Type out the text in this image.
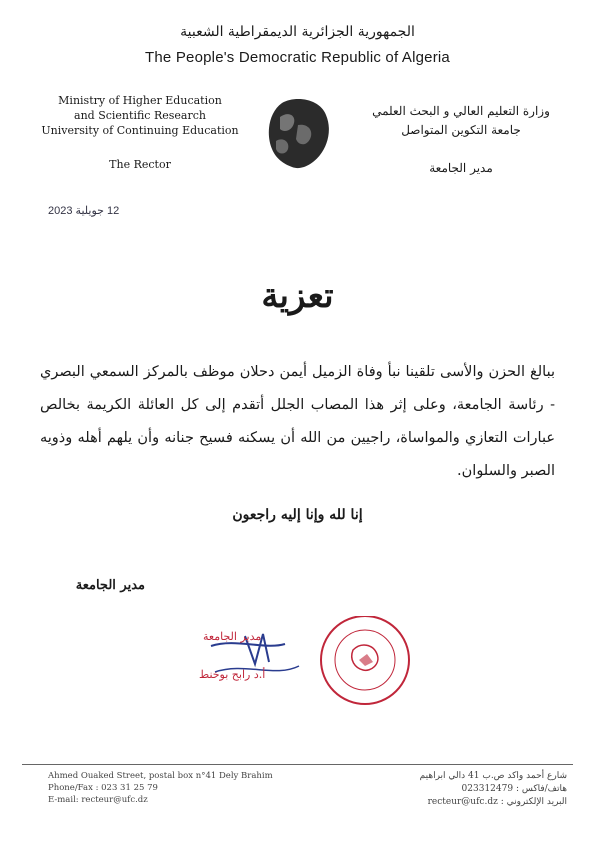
الجمهورية الجزائرية الديمقراطية الشعبية
The People's Democratic Republic of Algeria
Ministry of Higher Education
and Scientific Research
University of Continuing Education
The Rector
وزارة التعليم العالي و البحث العلمي
جامعة التكوين المتواصل
مدير الجامعة
12 جويلية 2023
تعزية
ببالغ الحزن والأسى تلقينا نبأ وفاة الزميل أيمن دحلان موظف بالمركز السمعي البصري - رئاسة الجامعة، وعلى إثر هذا المصاب الجلل أتقدم إلى كل العائلة الكريمة بخالص عبارات التعازي والمواساة، راجيين من الله أن يسكنه فسيح جنانه وأن يلهم أهله وذويه الصبر والسلوان.
إنا لله وإنا إليه راجعون
مدير الجامعة
مدير الجامعة
أ.د رابح بوخنط
Ahmed Ouaked Street, postal box n°41 Dely Brahim
Phone/Fax : 023 31 25 79
E-mail: recteur@ufc.dz
شارع أحمد واكد ص.ب 41 دالي ابراهيم
هاتف/فاكس : 023312479
البريد الإلكتروني : recteur@ufc.dz
